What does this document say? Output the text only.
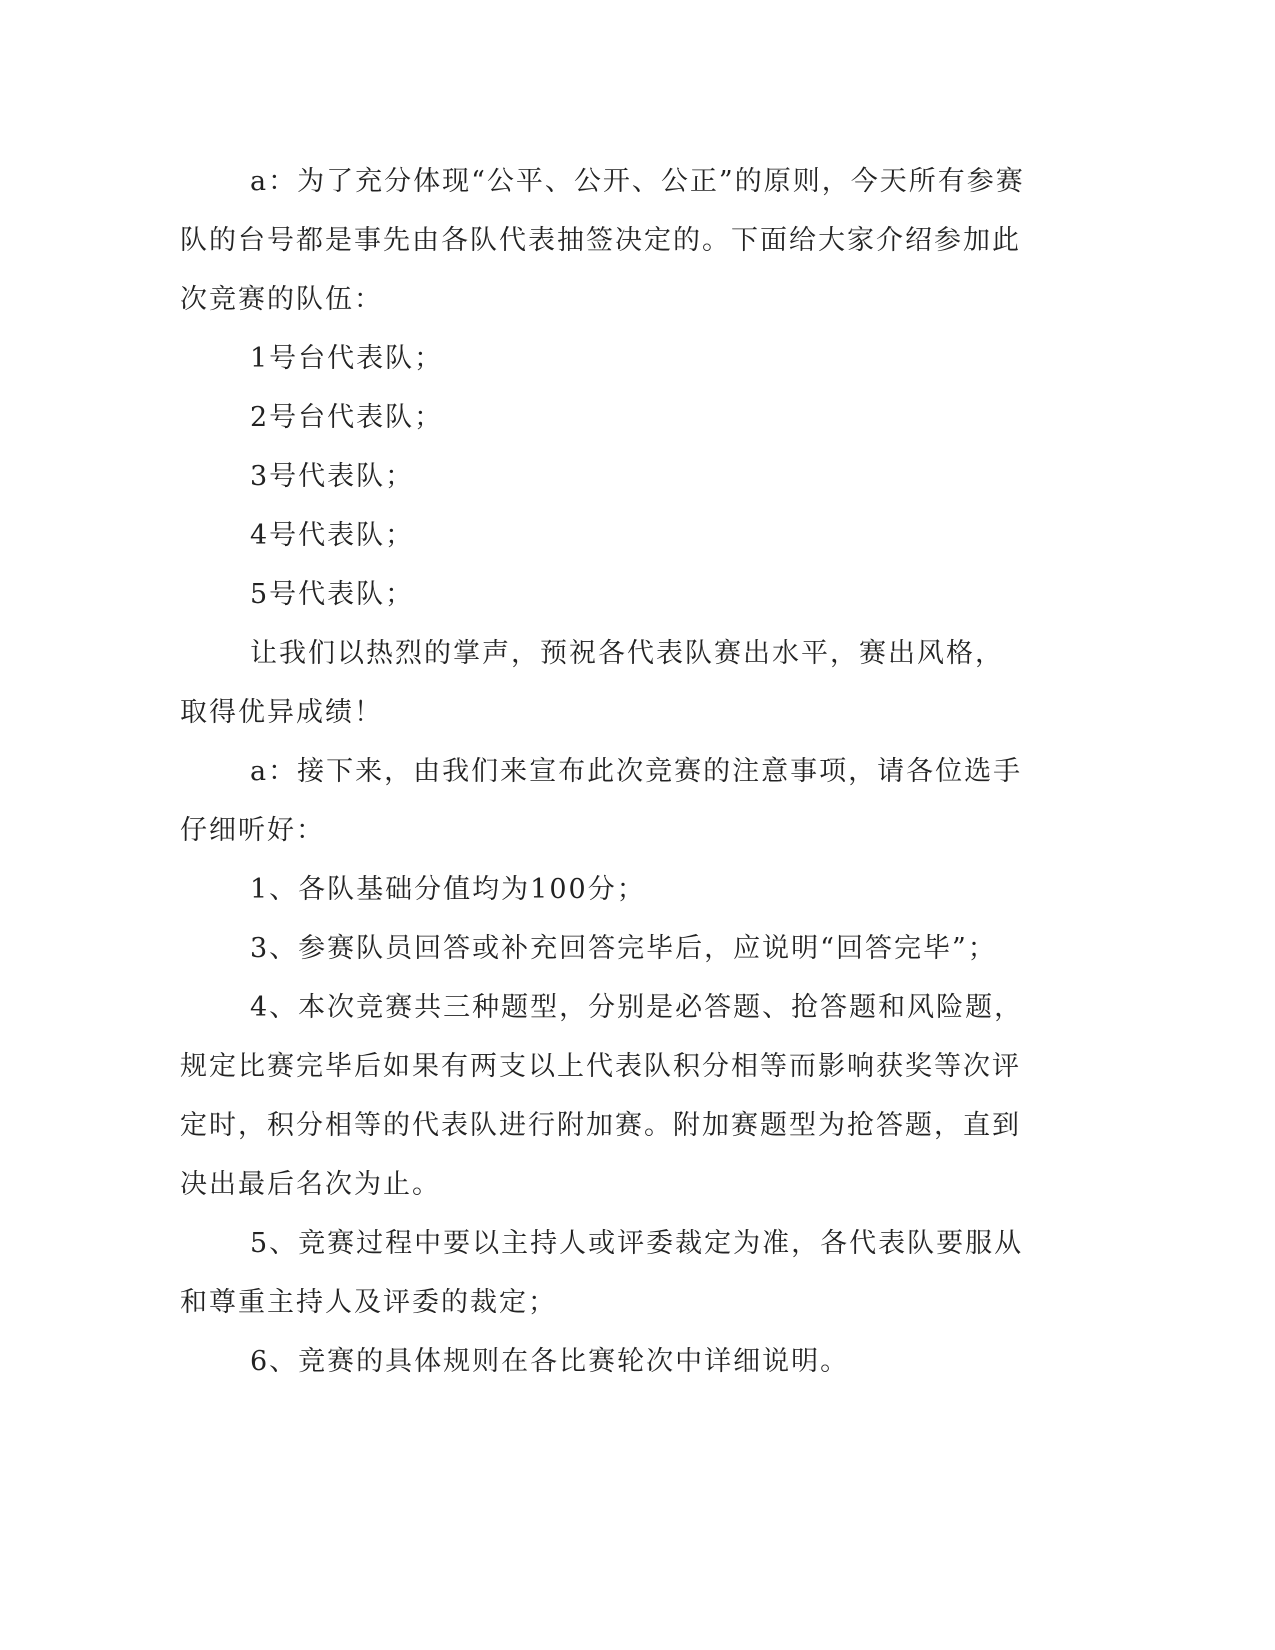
a：为了充分体现“公平、公开、公正”的原则，今天所有参赛队的台号都是事先由各队代表抽签决定的。下面给大家介绍参加此次竞赛的队伍：

1号台代表队；

2号台代表队；

3号代表队；

4号代表队；

5号代表队；

让我们以热烈的掌声，预祝各代表队赛出水平，赛出风格，取得优异成绩！

a：接下来，由我们来宣布此次竞赛的注意事项，请各位选手仔细听好：

1、各队基础分值均为100分；

3、参赛队员回答或补充回答完毕后，应说明“回答完毕”；

4、本次竞赛共三种题型，分别是必答题、抢答题和风险题，规定比赛完毕后如果有两支以上代表队积分相等而影响获奖等次评定时，积分相等的代表队进行附加赛。附加赛题型为抢答题，直到决出最后名次为止。

5、竞赛过程中要以主持人或评委裁定为准，各代表队要服从和尊重主持人及评委的裁定；

6、竞赛的具体规则在各比赛轮次中详细说明。
